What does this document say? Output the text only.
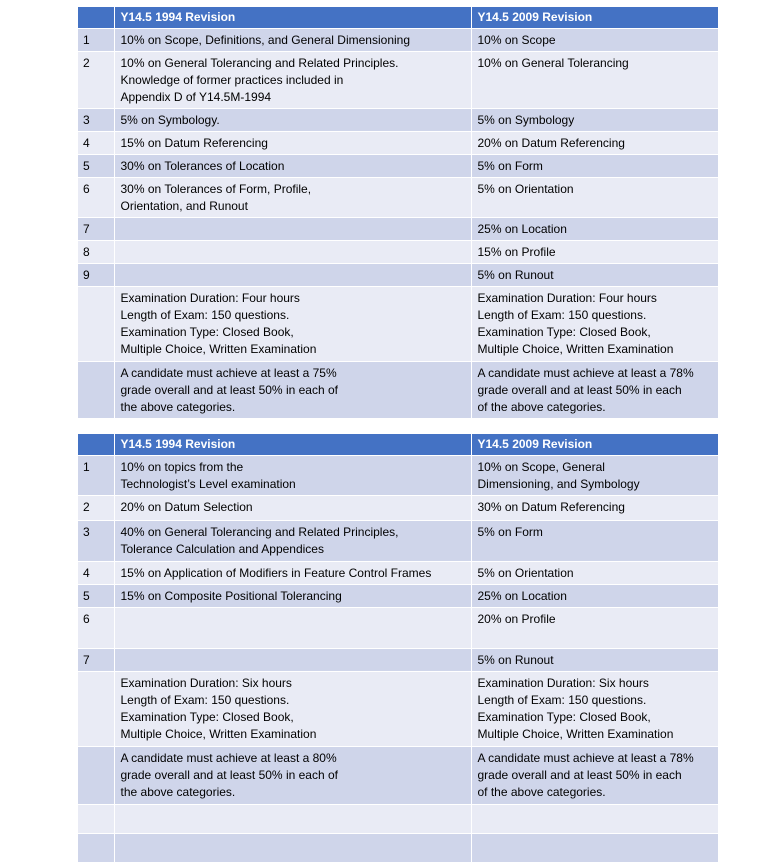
	Y14.5 1994 Revision	Y14.5 2009 Revision
1	10% on Scope, Definitions, and General Dimensioning	10% on Scope
2	10% on General Tolerancing and Related Principles.
Knowledge of former practices included in
Appendix D of Y14.5M-1994	10% on General Tolerancing
3	5% on Symbology.	5% on Symbology
4	15% on Datum Referencing	20% on Datum Referencing
5	30% on Tolerances of Location	5% on Form
6	30% on Tolerances of Form, Profile,
Orientation, and Runout	5% on Orientation
7		25% on Location
8		15% on Profile
9		5% on Runout
	Examination Duration: Four hours
Length of Exam: 150 questions.
Examination Type: Closed Book,
Multiple Choice, Written Examination	Examination Duration: Four hours
Length of Exam: 150 questions.
Examination Type: Closed Book,
Multiple Choice, Written Examination
	A candidate must achieve at least a 75%
grade overall and at least 50% in each of
the above categories.	A candidate must achieve at least a 78%
grade overall and at least 50% in each
of the above categories.
	Y14.5 1994 Revision	Y14.5 2009 Revision
1	10% on topics from the
Technologist’s Level examination	10% on Scope, General
Dimensioning, and Symbology
2	20% on Datum Selection	30% on Datum Referencing
3	40% on General Tolerancing and Related Principles,
Tolerance Calculation and Appendices	5% on Form
4	15% on Application of Modifiers in Feature Control Frames	5% on Orientation
5	15% on Composite Positional Tolerancing	25% on Location
6		20% on Profile
7		5% on Runout
	Examination Duration: Six hours
Length of Exam: 150 questions.
Examination Type: Closed Book,
Multiple Choice, Written Examination	Examination Duration: Six hours
Length of Exam: 150 questions.
Examination Type: Closed Book,
Multiple Choice, Written Examination
	A candidate must achieve at least a 80%
grade overall and at least 50% in each of
the above categories.	A candidate must achieve at least a 78%
grade overall and at least 50% in each
of the above categories.
